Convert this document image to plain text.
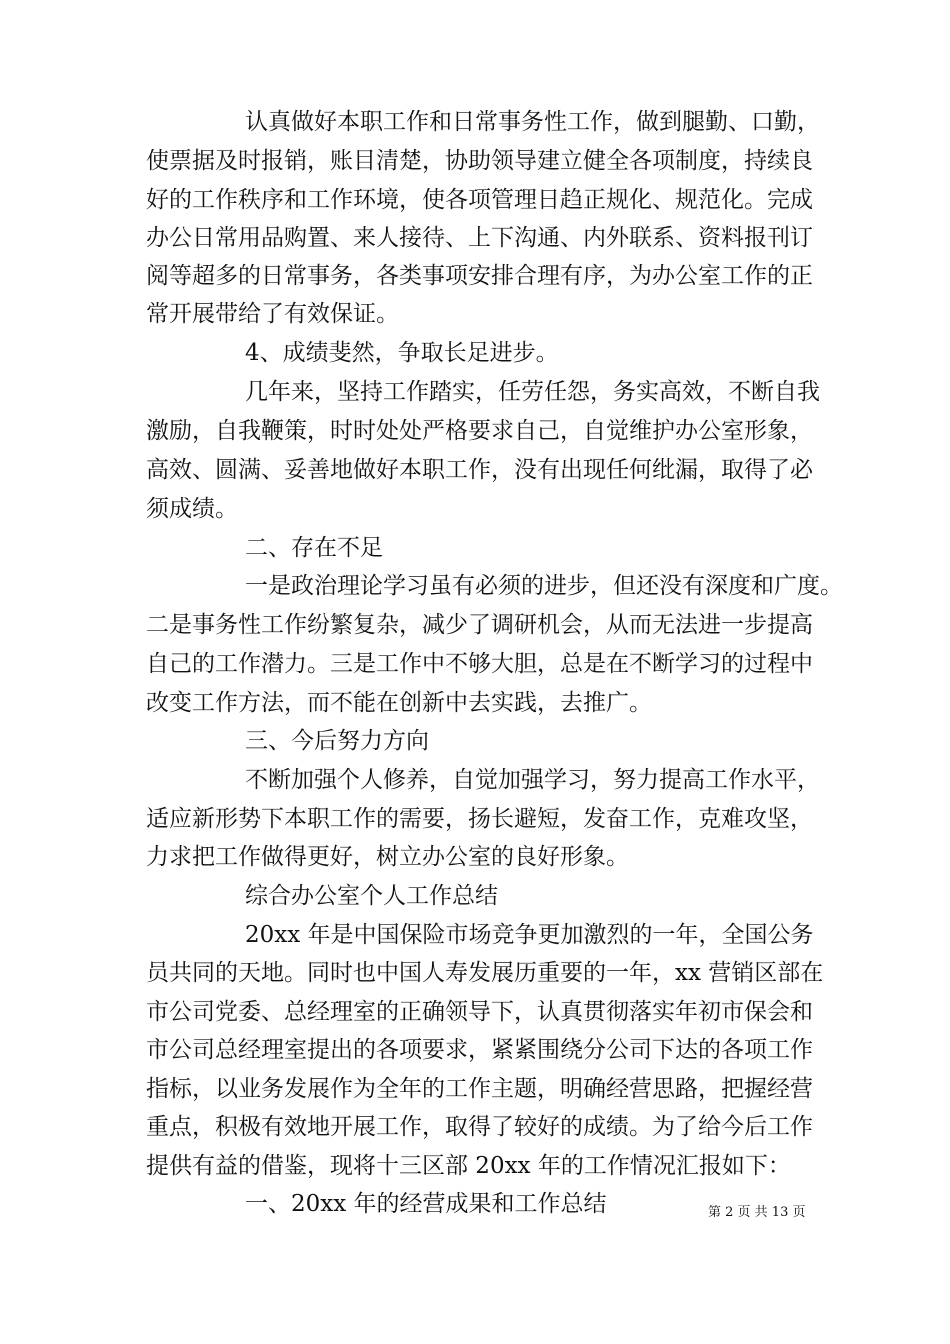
认真做好本职工作和日常事务性工作，做到腿勤、口勤，
使票据及时报销，账目清楚，协助领导建立健全各项制度，持续良
好的工作秩序和工作环境，使各项管理日趋正规化、规范化。完成
办公日常用品购置、来人接待、上下沟通、内外联系、资料报刊订
阅等超多的日常事务，各类事项安排合理有序，为办公室工作的正
常开展带给了有效保证。
4、成绩斐然，争取长足进步。
几年来，坚持工作踏实，任劳任怨，务实高效，不断自我
激励，自我鞭策，时时处处严格要求自己，自觉维护办公室形象，
高效、圆满、妥善地做好本职工作，没有出现任何纰漏，取得了必
须成绩。
二、存在不足
一是政治理论学习虽有必须的进步，但还没有深度和广度。
二是事务性工作纷繁复杂，减少了调研机会，从而无法进一步提高
自己的工作潜力。三是工作中不够大胆，总是在不断学习的过程中
改变工作方法，而不能在创新中去实践，去推广。
三、今后努力方向
不断加强个人修养，自觉加强学习，努力提高工作水平，
适应新形势下本职工作的需要，扬长避短，发奋工作，克难攻坚，
力求把工作做得更好，树立办公室的良好形象。
综合办公室个人工作总结
20xx 年是中国保险市场竞争更加激烈的一年，全国公务
员共同的天地。同时也中国人寿发展历重要的一年，xx 营销区部在
市公司党委、总经理室的正确领导下，认真贯彻落实年初市保会和
市公司总经理室提出的各项要求，紧紧围绕分公司下达的各项工作
指标，以业务发展作为全年的工作主题，明确经营思路，把握经营
重点，积极有效地开展工作，取得了较好的成绩。为了给今后工作
提供有益的借鉴，现将十三区部 20xx 年的工作情况汇报如下：
一、20xx 年的经营成果和工作总结	第 2 页 共 13 页
